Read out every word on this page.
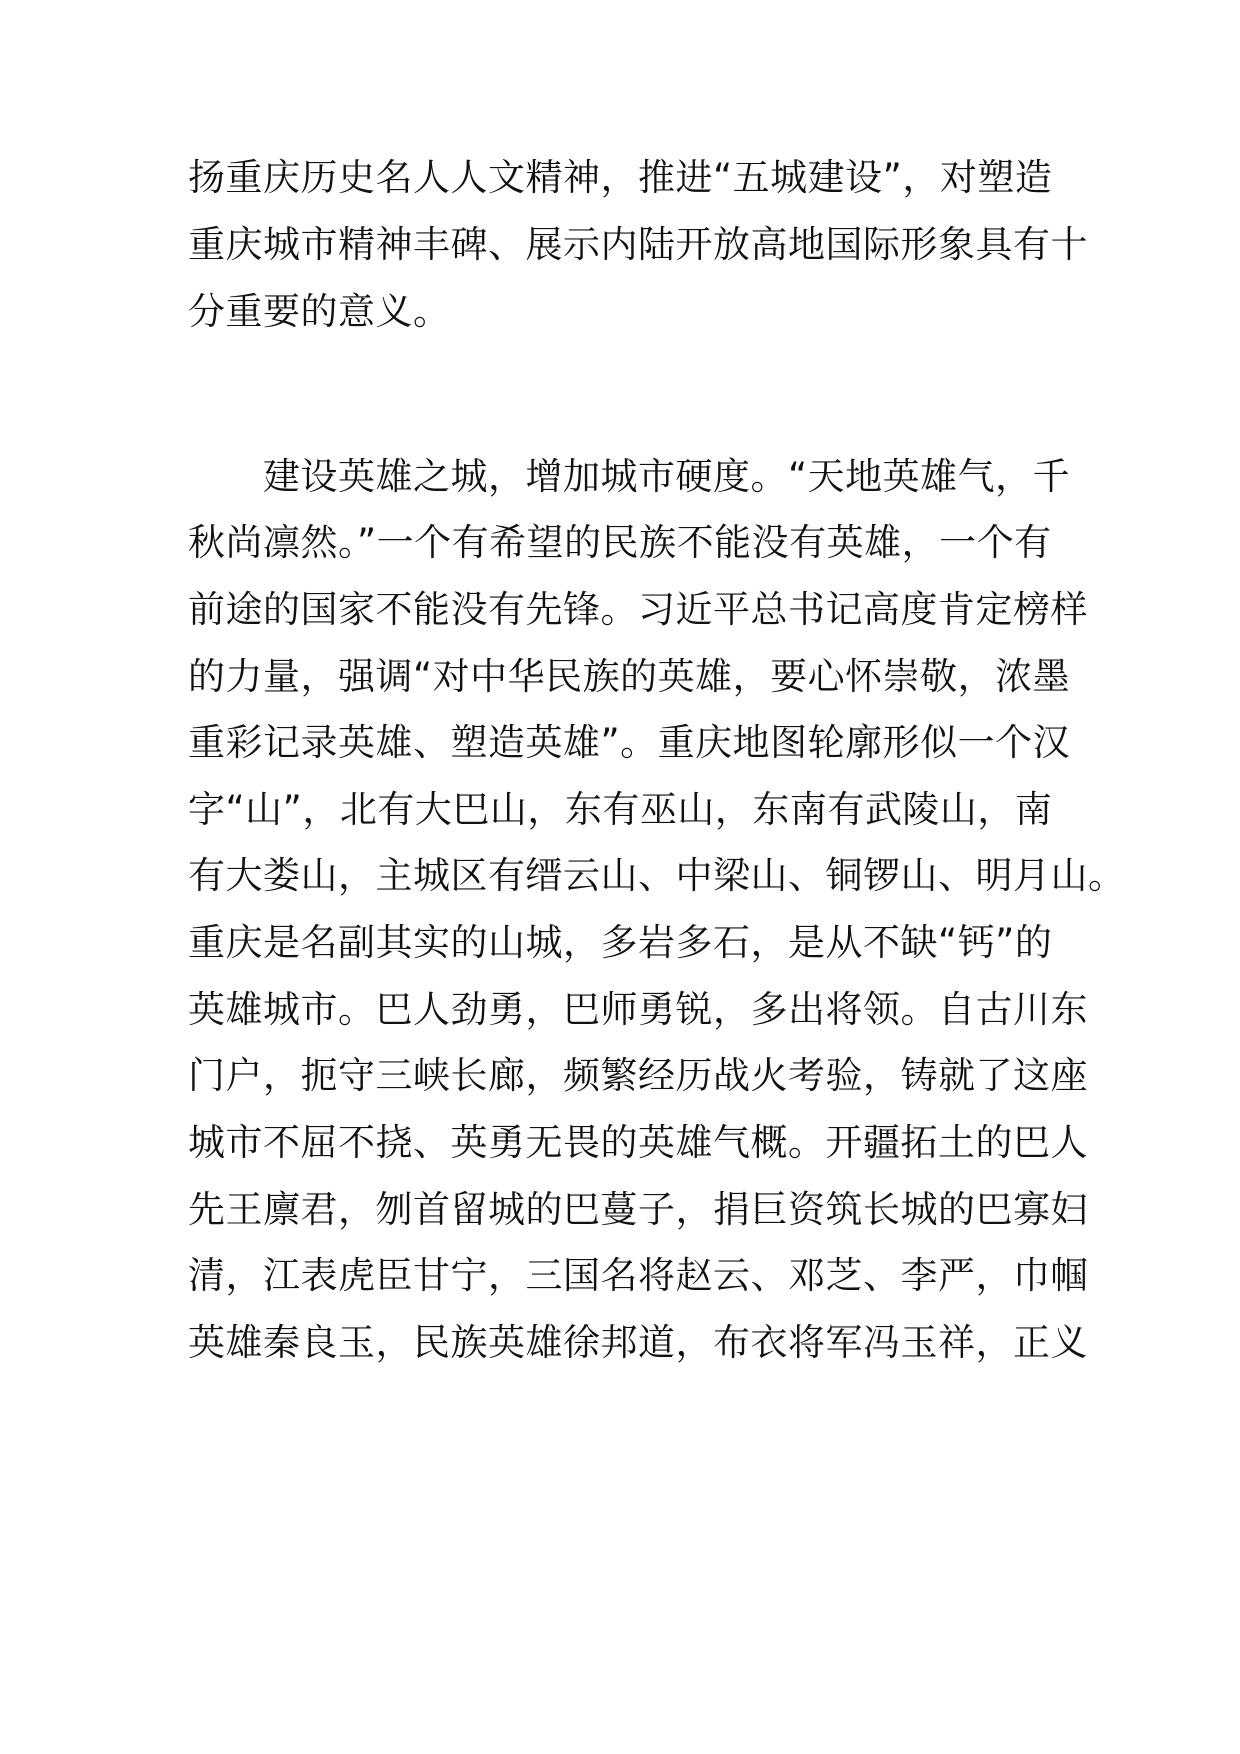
扬重庆历史名人人文精神，推进“五城建设”，对塑造
重庆城市精神丰碑、展示内陆开放高地国际形象具有十
分重要的意义。
　　建设英雄之城，增加城市硬度。“天地英雄气，千
秋尚凛然。”一个有希望的民族不能没有英雄，一个有
前途的国家不能没有先锋。习近平总书记高度肯定榜样
的力量，强调“对中华民族的英雄，要心怀崇敬，浓墨
重彩记录英雄、塑造英雄”。重庆地图轮廓形似一个汉
字“山”，北有大巴山，东有巫山，东南有武陵山，南
有大娄山，主城区有缙云山、中梁山、铜锣山、明月山。
重庆是名副其实的山城，多岩多石，是从不缺“钙”的
英雄城市。巴人劲勇，巴师勇锐，多出将领。自古川东
门户，扼守三峡长廊，频繁经历战火考验，铸就了这座
城市不屈不挠、英勇无畏的英雄气概。开疆拓土的巴人
先王廪君，刎首留城的巴蔓子，捐巨资筑长城的巴寡妇
清，江表虎臣甘宁，三国名将赵云、邓芝、李严，巾帼
英雄秦良玉，民族英雄徐邦道，布衣将军冯玉祥，正义
